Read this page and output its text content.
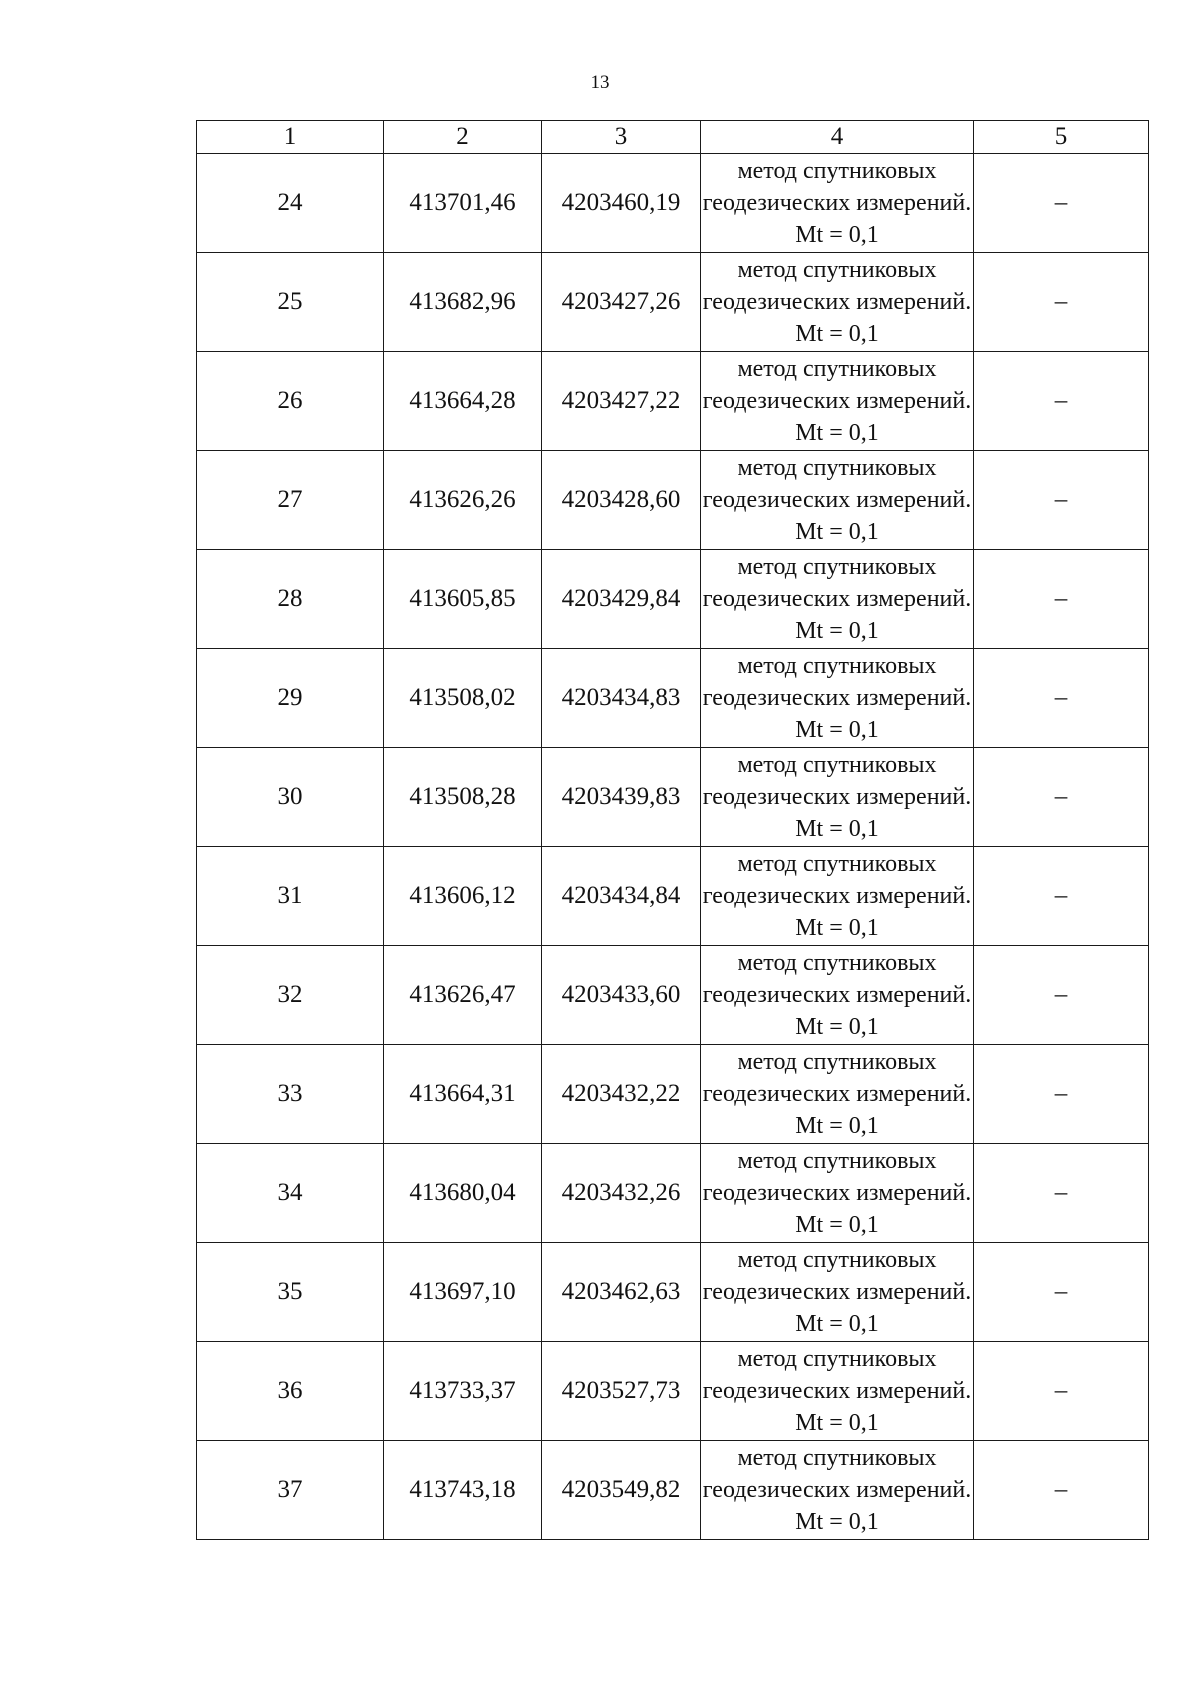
13
1	2	3	4	5
24	413701,46	4203460,19	метод спутниковых геодезических измерений. Mt = 0,1	–
25	413682,96	4203427,26	метод спутниковых геодезических измерений. Mt = 0,1	–
26	413664,28	4203427,22	метод спутниковых геодезических измерений. Mt = 0,1	–
27	413626,26	4203428,60	метод спутниковых геодезических измерений. Mt = 0,1	–
28	413605,85	4203429,84	метод спутниковых геодезических измерений. Mt = 0,1	–
29	413508,02	4203434,83	метод спутниковых геодезических измерений. Mt = 0,1	–
30	413508,28	4203439,83	метод спутниковых геодезических измерений. Mt = 0,1	–
31	413606,12	4203434,84	метод спутниковых геодезических измерений. Mt = 0,1	–
32	413626,47	4203433,60	метод спутниковых геодезических измерений. Mt = 0,1	–
33	413664,31	4203432,22	метод спутниковых геодезических измерений. Mt = 0,1	–
34	413680,04	4203432,26	метод спутниковых геодезических измерений. Mt = 0,1	–
35	413697,10	4203462,63	метод спутниковых геодезических измерений. Mt = 0,1	–
36	413733,37	4203527,73	метод спутниковых геодезических измерений. Mt = 0,1	–
37	413743,18	4203549,82	метод спутниковых геодезических измерений. Mt = 0,1	–
